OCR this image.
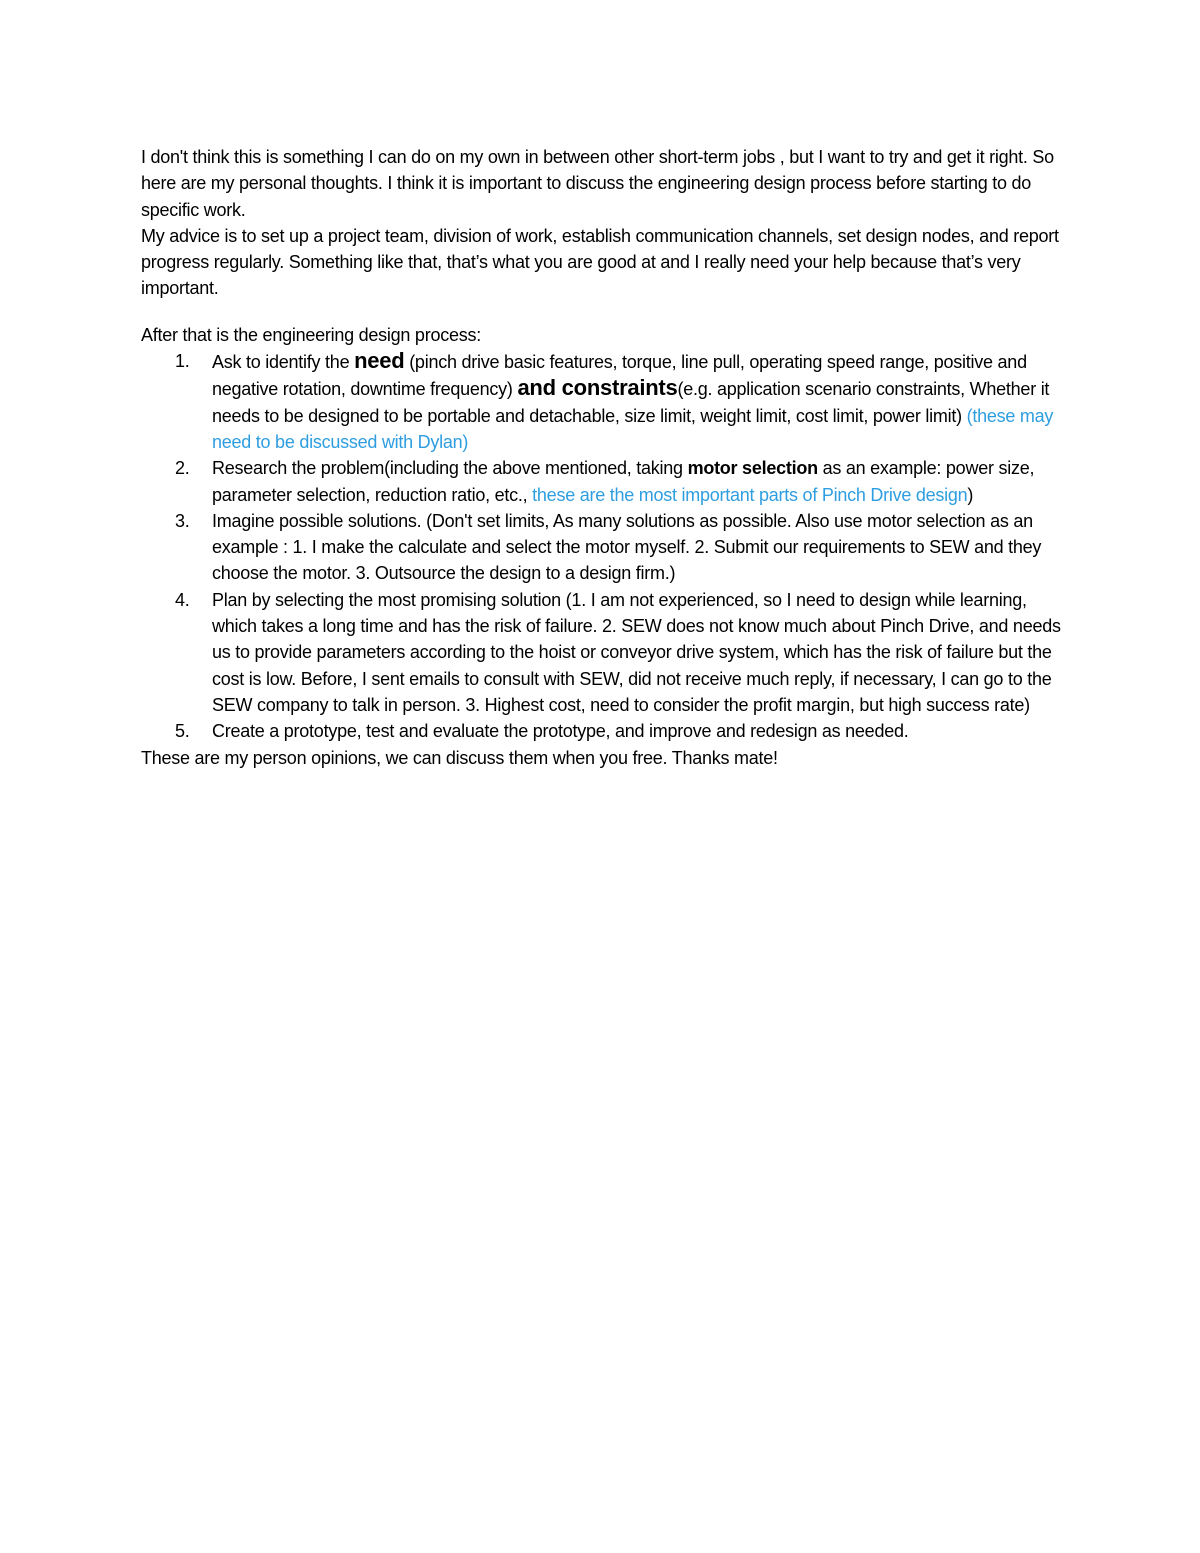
I don't think this is something I can do on my own in between other short-term jobs , but I want to try and get it right. So here are my personal thoughts. I think it is important to discuss the engineering design process before starting to do specific work.

My advice is to set up a project team, division of work, establish communication channels, set design nodes, and report progress regularly. Something like that, that’s what you are good at and I really need your help because that’s very important.

After that is the engineering design process:

1.	Ask to identify the need (pinch drive basic features, torque, line pull, operating speed range, positive and negative rotation, downtime frequency) and constraints(e.g. application scenario constraints, Whether it needs to be designed to be portable and detachable, size limit, weight limit, cost limit, power limit) (these may need to be discussed with Dylan)
2.	Research the problem(including the above mentioned, taking motor selection as an example: power size, parameter selection, reduction ratio, etc., these are the most important parts of Pinch Drive design)
3.	Imagine possible solutions. (Don't set limits, As many solutions as possible. Also use motor selection as an example : 1. I make the calculate and select the motor myself. 2. Submit our requirements to SEW and they choose the motor. 3. Outsource the design to a design firm.)
4.	Plan by selecting the most promising solution (1. I am not experienced, so I need to design while learning, which takes a long time and has the risk of failure. 2. SEW does not know much about Pinch Drive, and needs us to provide parameters according to the hoist or conveyor drive system, which has the risk of failure but the cost is low. Before, I sent emails to consult with SEW, did not receive much reply, if necessary, I can go to the SEW company to talk in person. 3. Highest cost, need to consider the profit margin, but high success rate)
5.	Create a prototype, test and evaluate the prototype, and improve and redesign as needed.

These are my person opinions, we can discuss them when you free. Thanks mate!
